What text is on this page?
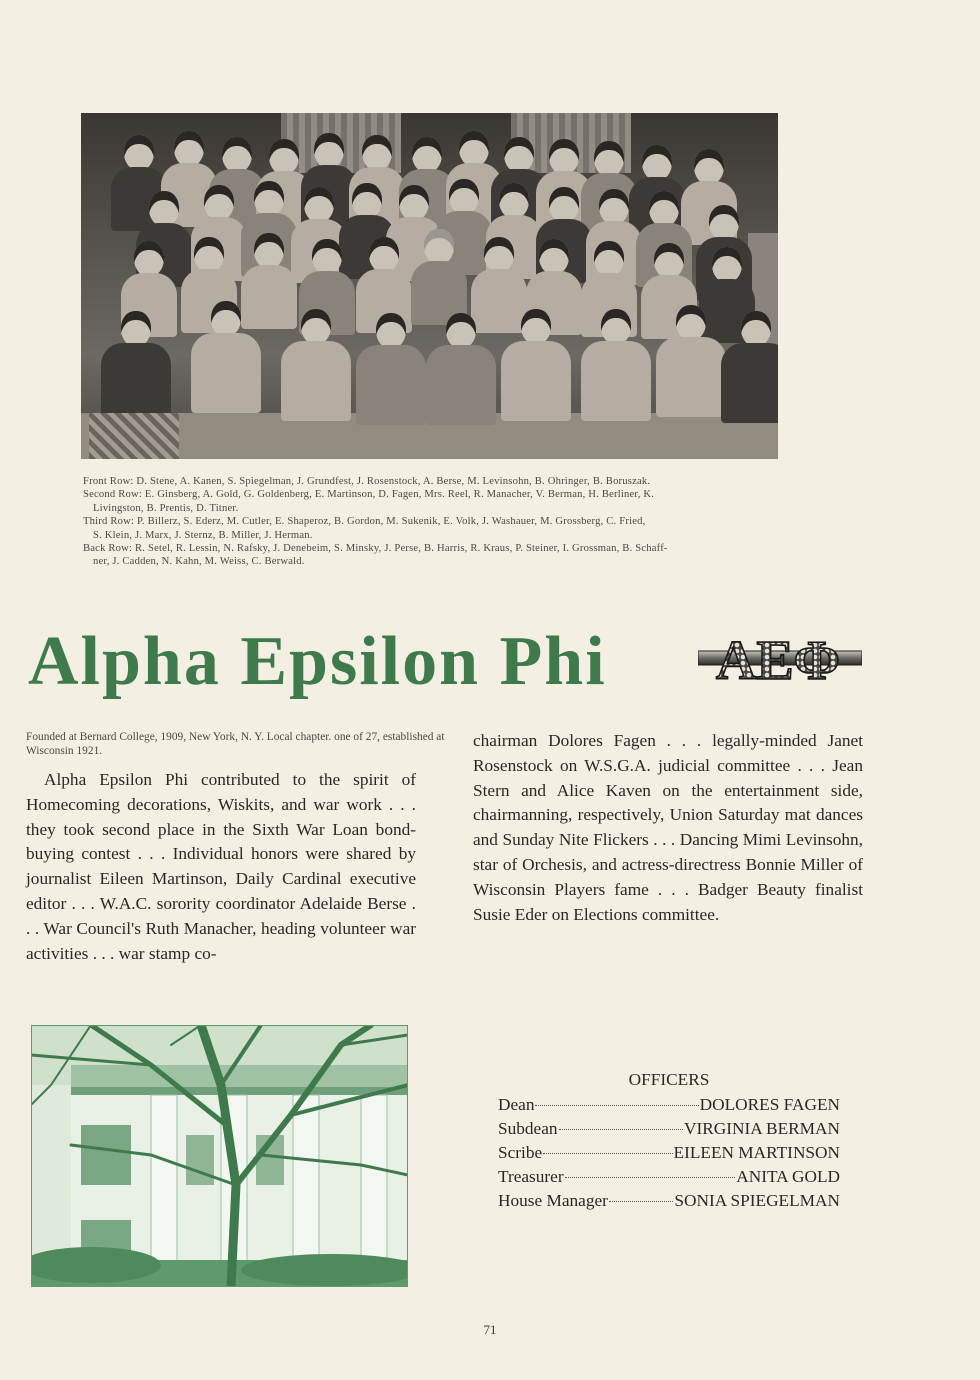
Front Row: D. Stene, A. Kanen, S. Spiegelman, J. Grundfest, J. Rosenstock, A. Berse, M. Levinsohn, B. Ohringer, B. Boruszak.

Second Row: E. Ginsberg, A. Gold, G. Goldenberg, E. Martinson, D. Fagen, Mrs. Reel, R. Manacher, V. Berman, H. Berliner, K.

Livingston, B. Prentis, D. Titner.

Third Row: P. Billerz, S. Ederz, M. Cutler, E. Shaperoz, B. Gordon, M. Sukenik, E. Volk, J. Washauer, M. Grossberg, C. Fried,

S. Klein, J. Marx, J. Sternz, B. Miller, J. Herman.

Back Row: R. Setel, R. Lessin, N. Rafsky, J. Denebeim, S. Minsky, J. Perse, B. Harris, R. Kraus, P. Steiner, I. Grossman, B. Schaff-

ner, J. Cadden, N. Kahn, M. Weiss, C. Berwald.

Alpha Epsilon Phi ΑΕΦ
Founded at Bernard College, 1909, New York, N. Y. Local chapter. one of 27, established at Wisconsin 1921.
Alpha Epsilon Phi contributed to the spirit of Homecoming decorations, Wiskits, and war work . . . they took second place in the Sixth War Loan bond-buying contest . . . Individual honors were shared by journalist Eileen Martinson, Daily Cardinal executive editor . . . W.A.C. sorority coordinator Adelaide Berse . . . War Council's Ruth Manacher, heading volunteer war activities . . . war stamp co-
chairman Dolores Fagen . . . legally-minded Janet Rosenstock on W.S.G.A. judicial committee . . . Jean Stern and Alice Kaven on the entertainment side, chairmanning, respectively, Union Saturday mat dances and Sunday Nite Flickers . . . Dancing Mimi Levinsohn, star of Orchesis, and actress-directress Bonnie Miller of Wisconsin Players fame . . . Badger Beauty finalist Susie Eder on Elections committee.
OFFICERS
Dean	DOLORES FAGEN
Subdean	VIRGINIA BERMAN
Scribe	EILEEN MARTINSON
Treasurer	ANITA GOLD
House Manager	SONIA SPIEGELMAN
71
